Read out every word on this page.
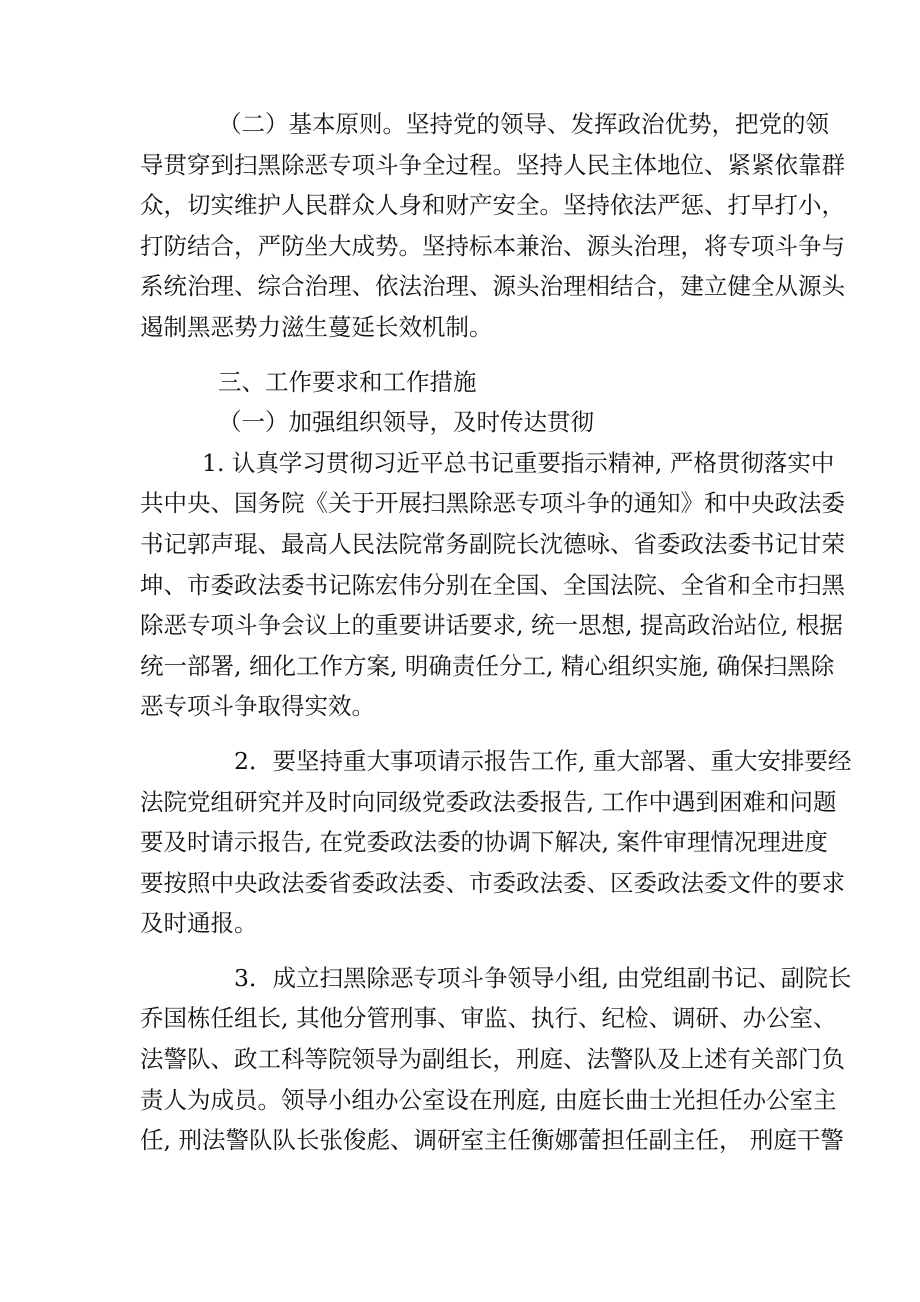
（二）基本原则。坚持党的领导、发挥政治优势，把党的领
导贯穿到扫黑除恶专项斗争全过程。坚持人民主体地位、紧紧依靠群
众，切实维护人民群众人身和财产安全。坚持依法严惩、打早打小，
打防结合，严防坐大成势。坚持标本兼治、源头治理，将专项斗争与
系统治理、综合治理、依法治理、源头治理相结合，建立健全从源头
遏制黑恶势力滋生蔓延长效机制。
三、工作要求和工作措施
（一）加强组织领导，及时传达贯彻
1. 认真学习贯彻习近平总书记重要指示精神, 严格贯彻落实中
共中央、国务院《关于开展扫黑除恶专项斗争的通知》和中央政法委
书记郭声琨、最高人民法院常务副院长沈德咏、省委政法委书记甘荣
坤、市委政法委书记陈宏伟分别在全国、全国法院、全省和全市扫黑
除恶专项斗争会议上的重要讲话要求, 统一思想, 提高政治站位, 根据
统一部署, 细化工作方案, 明确责任分工, 精心组织实施, 确保扫黑除
恶专项斗争取得实效。
2．要坚持重大事项请示报告工作, 重大部署、重大安排要经
法院党组研究并及时向同级党委政法委报告, 工作中遇到困难和问题
要及时请示报告, 在党委政法委的协调下解决, 案件审理情况理进度
要按照中央政法委省委政法委、市委政法委、区委政法委文件的要求
及时通报。
3．成立扫黑除恶专项斗争领导小组, 由党组副书记、副院长
乔国栋任组长, 其他分管刑事、审监、执行、纪检、调研、办公室、
法警队、政工科等院领导为副组长，刑庭、法警队及上述有关部门负
责人为成员。领导小组办公室设在刑庭, 由庭长曲士光担任办公室主
任, 刑法警队队长张俊彪、调研室主任衡娜蕾担任副主任， 刑庭干警
